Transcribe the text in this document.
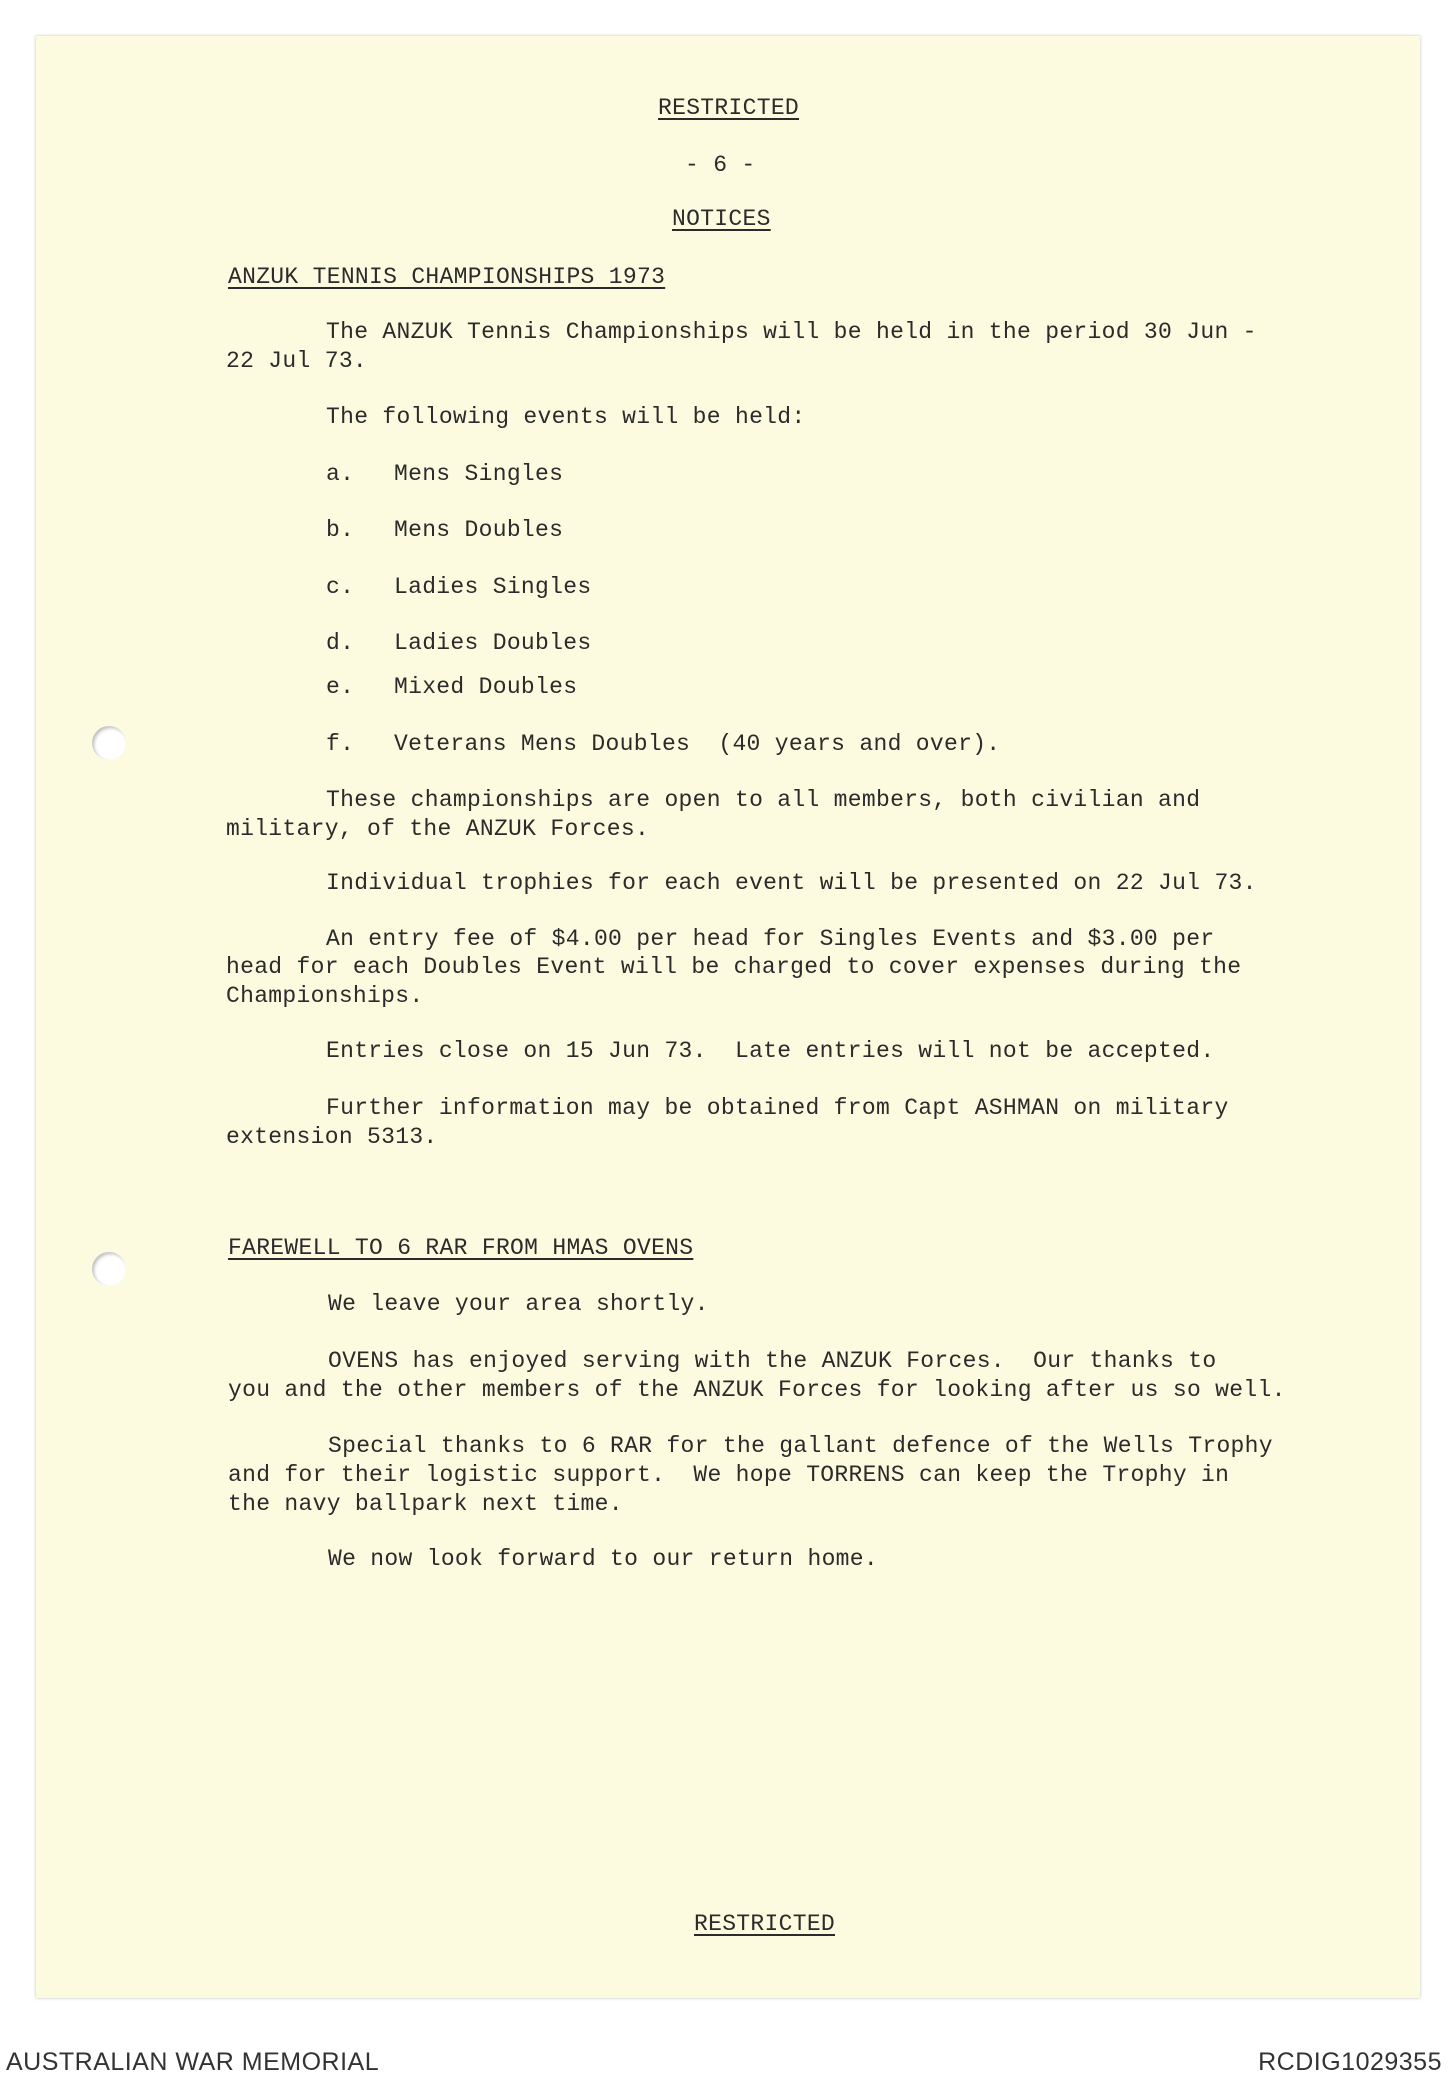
RESTRICTED

- 6 -

NOTICES

ANZUK TENNIS CHAMPIONSHIPS 1973

The ANZUK Tennis Championships will be held in the period 30 Jun -

22 Jul 73.

The following events will be held:

a. Mens Singles

b. Mens Doubles

c. Ladies Singles

d. Ladies Doubles

e. Mixed Doubles

f. Veterans Mens Doubles  (40 years and over).

These championships are open to all members, both civilian and

military, of the ANZUK Forces.

Individual trophies for each event will be presented on 22 Jul 73.

An entry fee of $4.00 per head for Singles Events and $3.00 per

head for each Doubles Event will be charged to cover expenses during the

Championships.

Entries close on 15 Jun 73.  Late entries will not be accepted.

Further information may be obtained from Capt ASHMAN on military

extension 5313.

FAREWELL TO 6 RAR FROM HMAS OVENS

We leave your area shortly.

OVENS has enjoyed serving with the ANZUK Forces.  Our thanks to

you and the other members of the ANZUK Forces for looking after us so well.

Special thanks to 6 RAR for the gallant defence of the Wells Trophy

and for their logistic support.  We hope TORRENS can keep the Trophy in

the navy ballpark next time.

We now look forward to our return home.

RESTRICTED

AUSTRALIAN WAR MEMORIAL	RCDIG1029355
